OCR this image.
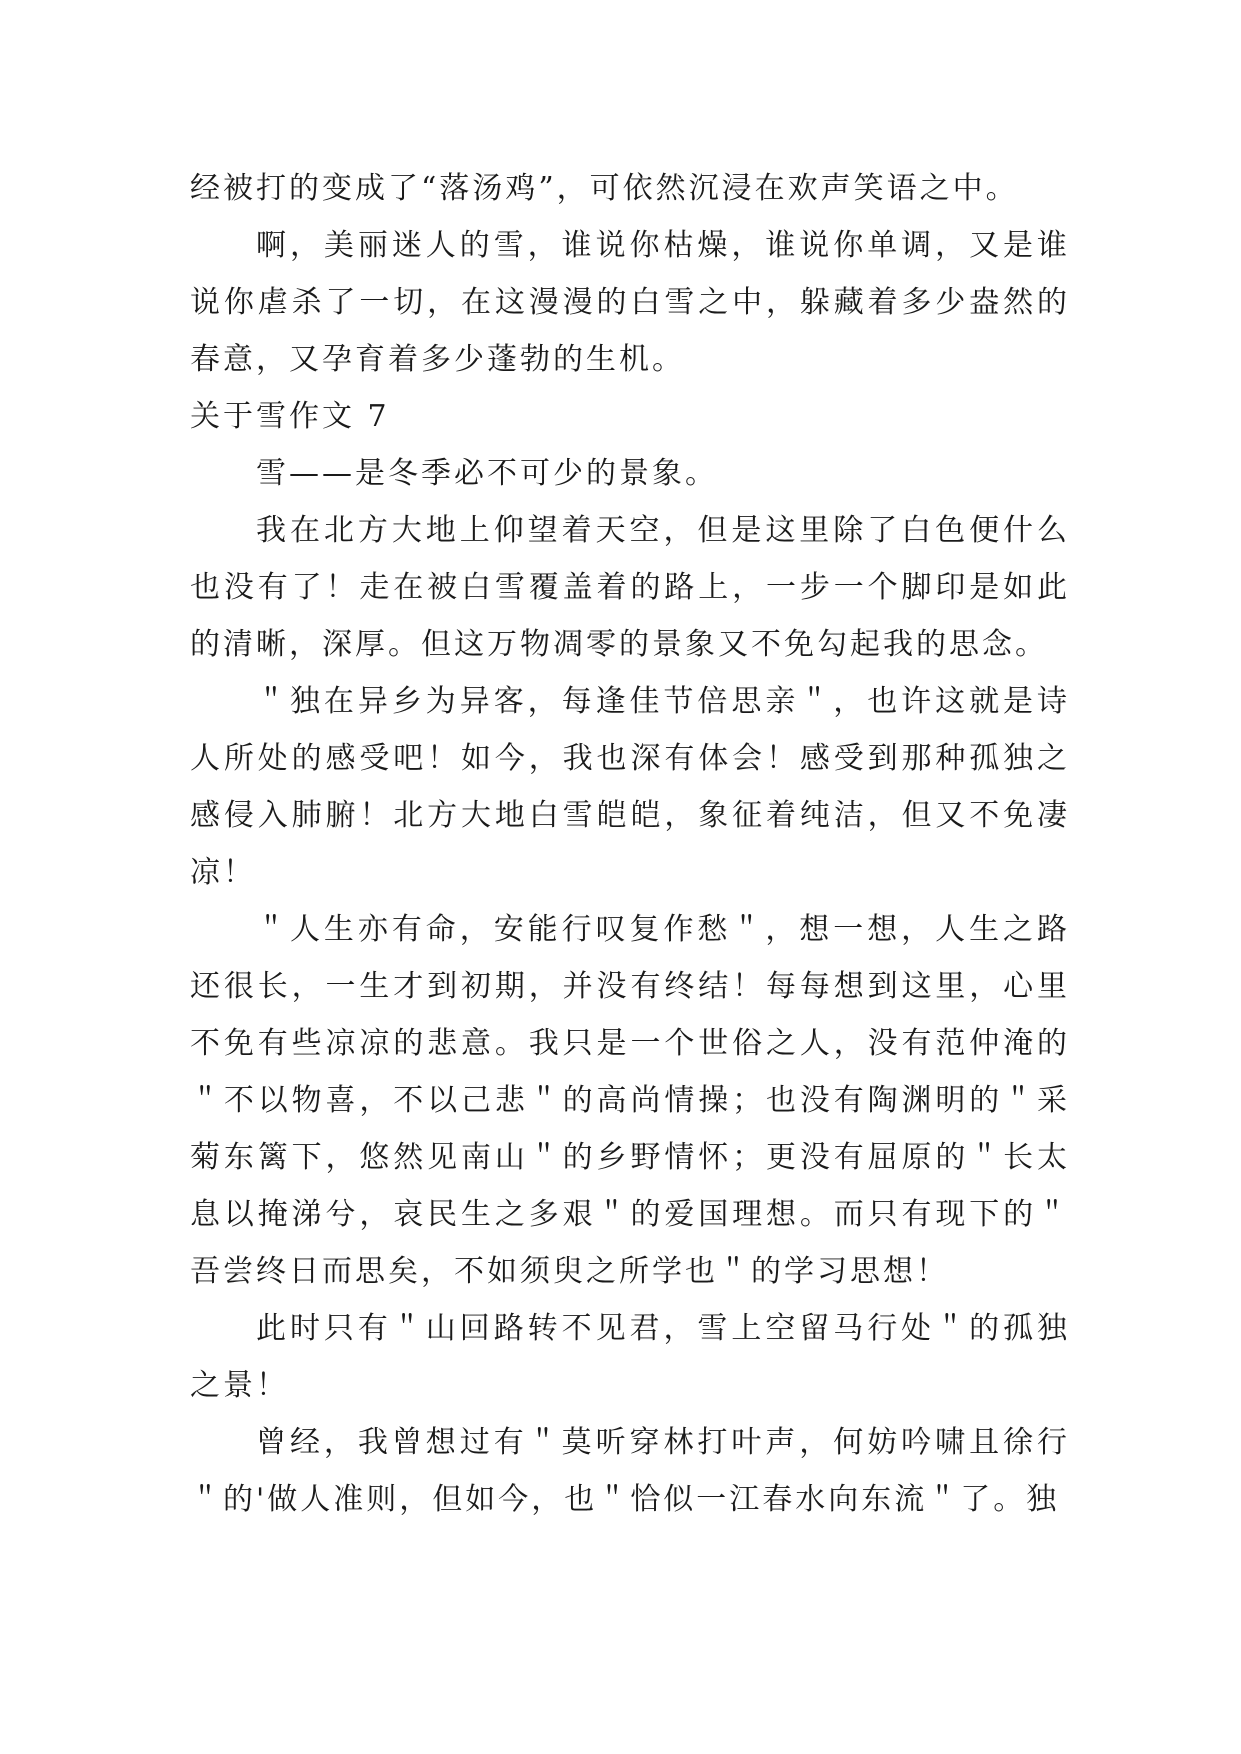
经被打的变成了“落汤鸡”，可依然沉浸在欢声笑语之中。

啊，美丽迷人的雪，谁说你枯燥，谁说你单调，又是谁说你虐杀了一切，在这漫漫的白雪之中，躲藏着多少盎然的春意，又孕育着多少蓬勃的生机。

关于雪作文 7

雪——是冬季必不可少的景象。

我在北方大地上仰望着天空，但是这里除了白色便什么也没有了！走在被白雪覆盖着的路上，一步一个脚印是如此的清晰，深厚。但这万物凋零的景象又不免勾起我的思念。

＂独在异乡为异客，每逢佳节倍思亲＂，也许这就是诗人所处的感受吧！如今，我也深有体会！感受到那种孤独之感侵入肺腑！北方大地白雪皑皑，象征着纯洁，但又不免凄凉！

＂人生亦有命，安能行叹复作愁＂，想一想，人生之路还很长，一生才到初期，并没有终结！每每想到这里，心里不免有些凉凉的悲意。我只是一个世俗之人，没有范仲淹的＂不以物喜，不以己悲＂的高尚情操；也没有陶渊明的＂采菊东篱下，悠然见南山＂的乡野情怀；更没有屈原的＂长太息以掩涕兮，哀民生之多艰＂的爱国理想。而只有现下的＂吾尝终日而思矣，不如须臾之所学也＂的学习思想！

此时只有＂山回路转不见君，雪上空留马行处＂的孤独之景！

曾经，我曾想过有＂莫听穿林打叶声，何妨吟啸且徐行＂的'做人准则，但如今，也＂恰似一江春水向东流＂了。独
